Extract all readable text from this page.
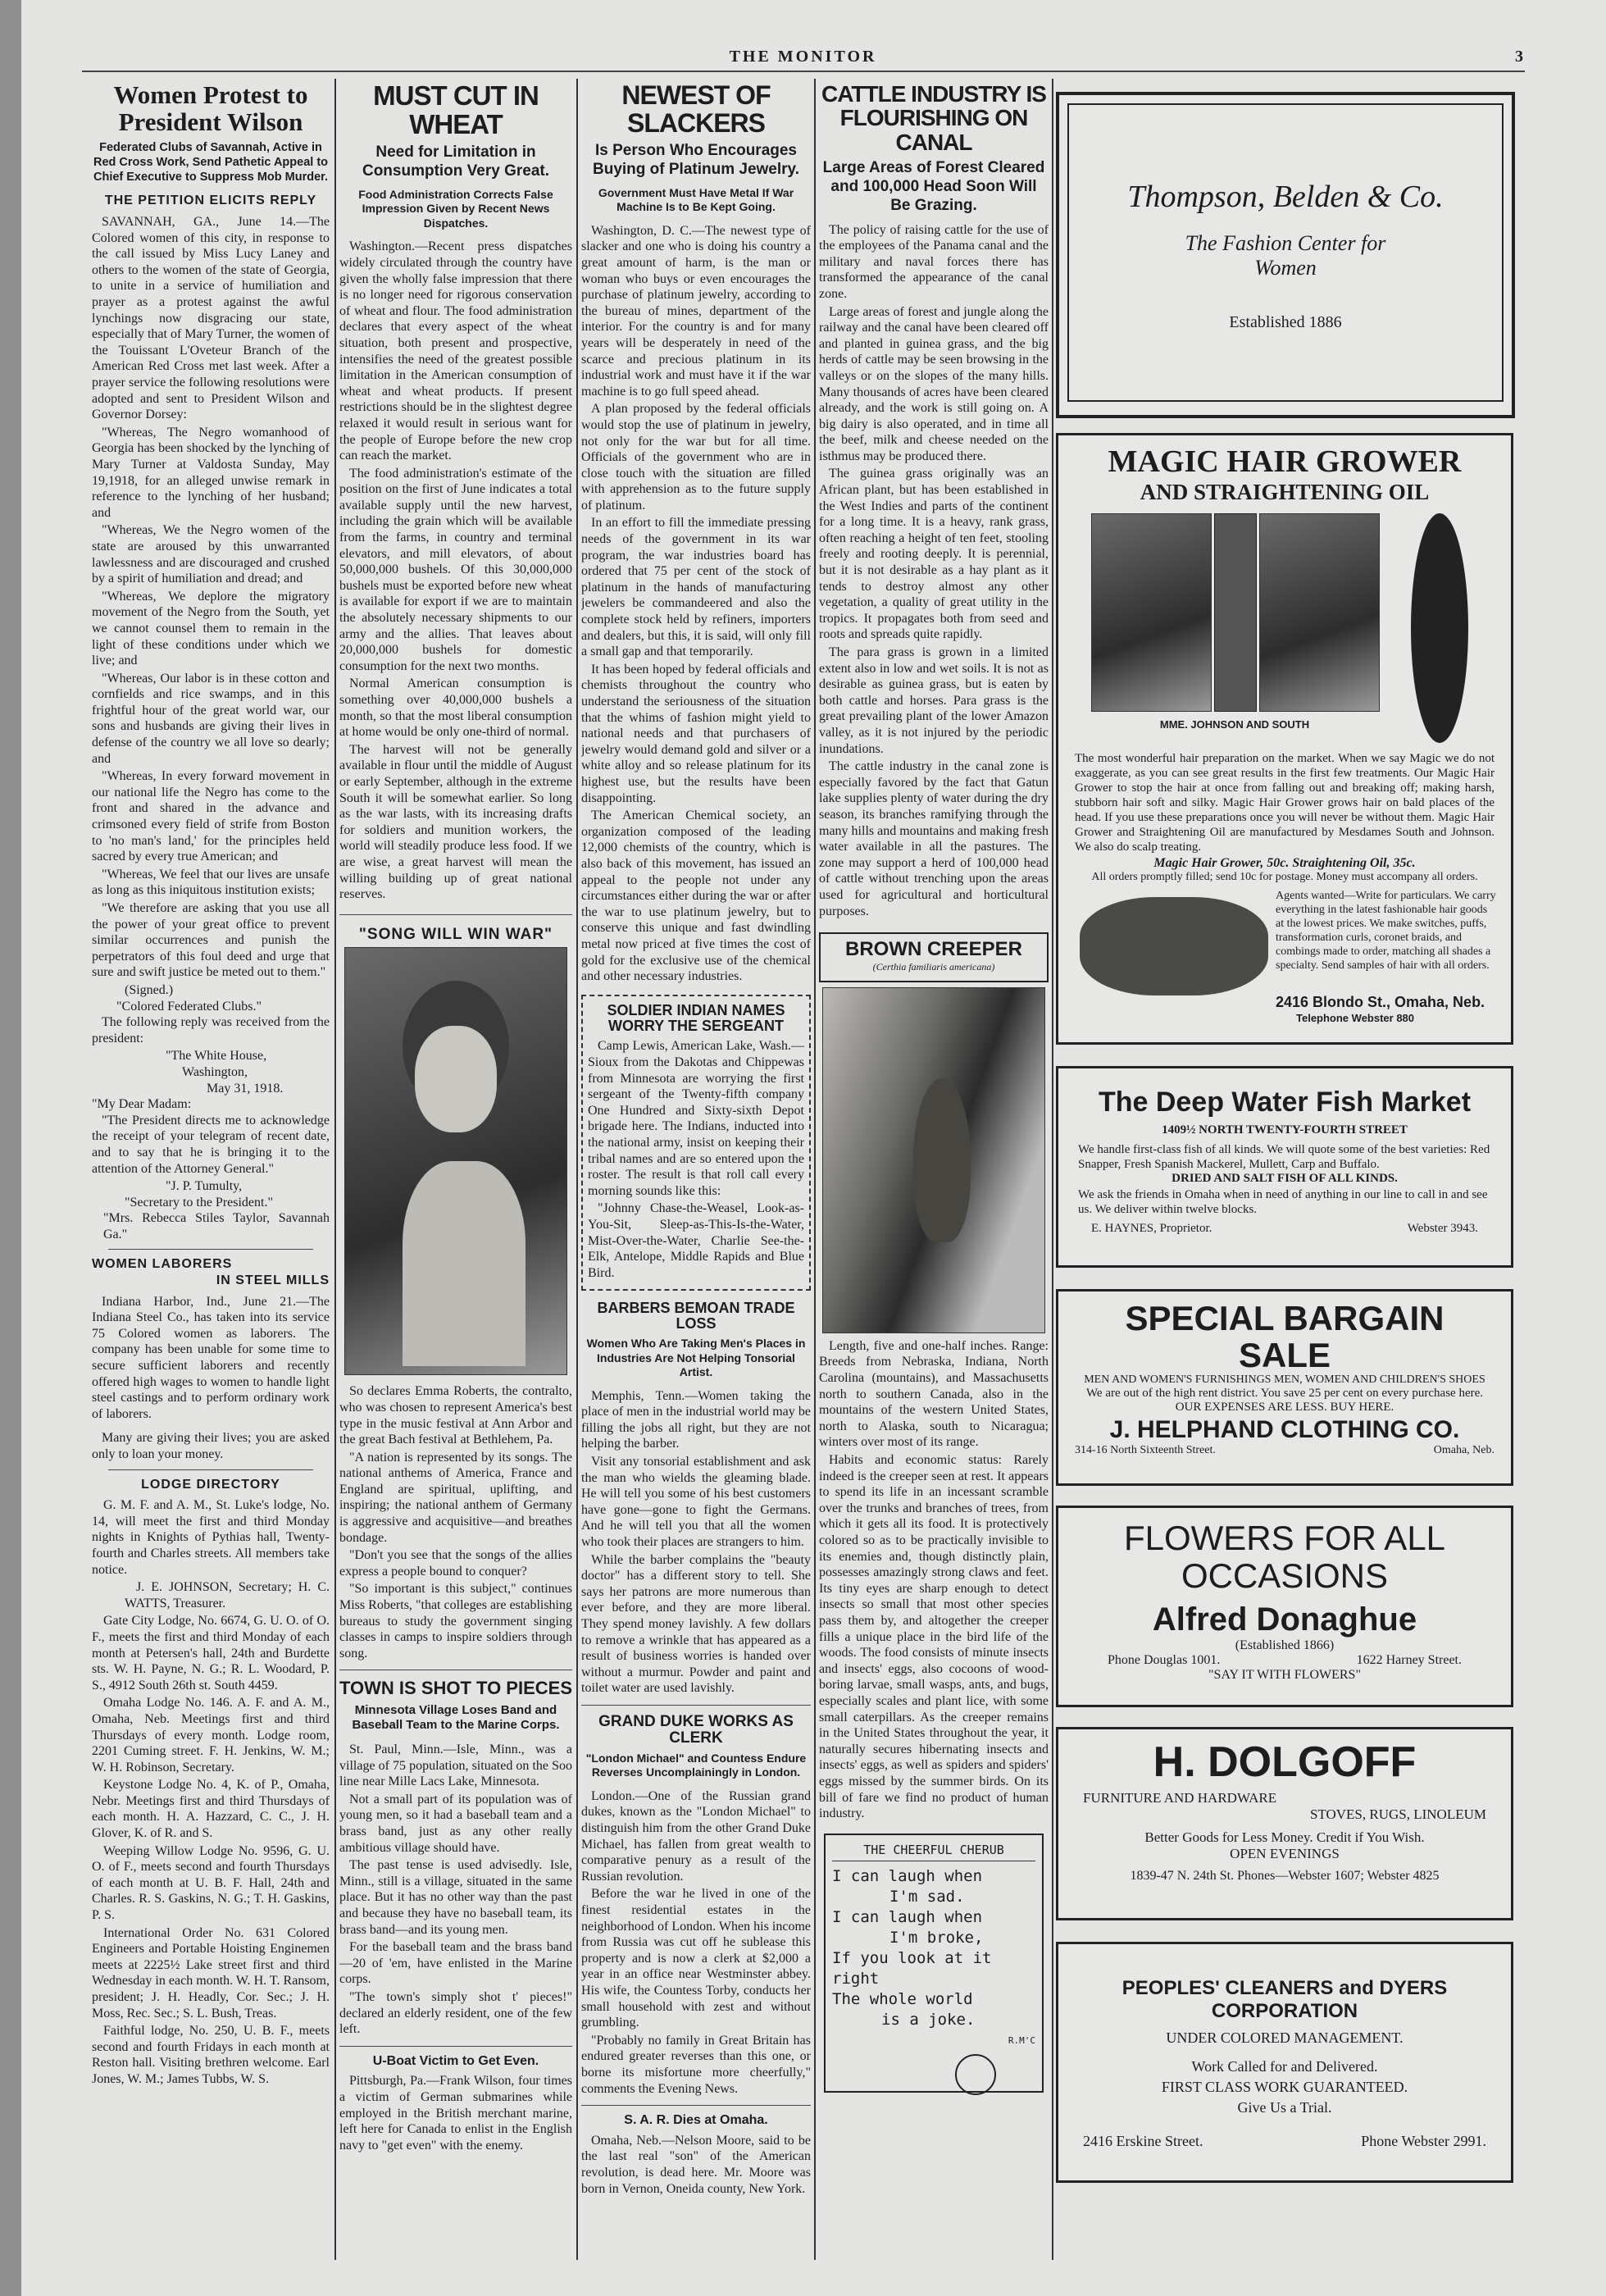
THE MONITOR	3
Women Protest to President Wilson
Federated Clubs of Savannah, Active in Red Cross Work, Send Pathetic Appeal to Chief Executive to Suppress Mob Murder.
THE PETITION ELICITS REPLY

SAVANNAH, GA., June 14.—The Colored women of this city, in response to the call issued by Miss Lucy Laney and others to the women of the state of Georgia, to unite in a service of humiliation and prayer as a protest against the awful lynchings now disgracing our state, especially that of Mary Turner, the women of the Touissant L'Oveteur Branch of the American Red Cross met last week. After a prayer service the following resolutions were adopted and sent to President Wilson and Governor Dorsey:

"Whereas, The Negro womanhood of Georgia has been shocked by the lynching of Mary Turner at Valdosta Sunday, May 19,1918, for an alleged unwise remark in reference to the lynching of her husband; and

"Whereas, We the Negro women of the state are aroused by this unwarranted lawlessness and are discouraged and crushed by a spirit of humiliation and dread; and

"Whereas, We deplore the migratory movement of the Negro from the South, yet we cannot counsel them to remain in the light of these conditions under which we live; and

"Whereas, Our labor is in these cotton and cornfields and rice swamps, and in this frightful hour of the great world war, our sons and husbands are giving their lives in defense of the country we all love so dearly; and

"Whereas, In every forward movement in our national life the Negro has come to the front and shared in the advance and crimsoned every field of strife from Boston to 'no man's land,' for the principles held sacred by every true American; and

"Whereas, We feel that our lives are unsafe as long as this iniquitous institution exists;

"We therefore are asking that you use all the power of your great office to prevent similar occurrences and punish the perpetrators of this foul deed and urge that sure and swift justice be meted out to them."

(Signed.)
"Colored Federated Clubs."

The following reply was received from the president:

"The White House,
Washington,
May 31, 1918.
"My Dear Madam:

"The President directs me to acknowledge the receipt of your telegram of recent date, and to say that he is bringing it to the attention of the Attorney General."

"J. P. Tumulty,
"Secretary to the President."
"Mrs. Rebecca Stiles Taylor, Savannah Ga."
WOMEN LABORERS
IN STEEL MILLS

Indiana Harbor, Ind., June 21.—The Indiana Steel Co., has taken into its service 75 Colored women as laborers. The company has been unable for some time to secure sufficient laborers and recently offered high wages to women to handle light steel castings and to perform ordinary work of laborers.

Many are giving their lives; you are asked only to loan your money.

LODGE DIRECTORY

G. M. F. and A. M., St. Luke's lodge, No. 14, will meet the first and third Monday nights in Knights of Pythias hall, Twenty-fourth and Charles streets. All members take notice.

J. E. JOHNSON, Secretary; H. C. WATTS, Treasurer.

Gate City Lodge, No. 6674, G. U. O. of O. F., meets the first and third Monday of each month at Petersen's hall, 24th and Burdette sts. W. H. Payne, N. G.; R. L. Woodard, P. S., 4912 South 26th st. South 4459.

Omaha Lodge No. 146. A. F. and A. M., Omaha, Neb. Meetings first and third Thursdays of every month. Lodge room, 2201 Cuming street. F. H. Jenkins, W. M.; W. H. Robinson, Secretary.

Keystone Lodge No. 4, K. of P., Omaha, Nebr. Meetings first and third Thursdays of each month. H. A. Hazzard, C. C., J. H. Glover, K. of R. and S.

Weeping Willow Lodge No. 9596, G. U. O. of F., meets second and fourth Thursdays of each month at U. B. F. Hall, 24th and Charles. R. S. Gaskins, N. G.; T. H. Gaskins, P. S.

International Order No. 631 Colored Engineers and Portable Hoisting Enginemen meets at 2225½ Lake street first and third Wednesday in each month. W. H. T. Ransom, president; J. H. Headly, Cor. Sec.; J. H. Moss, Rec. Sec.; S. L. Bush, Treas.

Faithful lodge, No. 250, U. B. F., meets second and fourth Fridays in each month at Reston hall. Visiting brethren welcome. Earl Jones, W. M.; James Tubbs, W. S.

MUST CUT IN WHEAT
Need for Limitation in Consumption Very Great.
Food Administration Corrects False Impression Given by Recent News Dispatches.

Washington.—Recent press dispatches widely circulated through the country have given the wholly false impression that there is no longer need for rigorous conservation of wheat and flour. The food administration declares that every aspect of the wheat situation, both present and prospective, intensifies the need of the greatest possible limitation in the American consumption of wheat and wheat products. If present restrictions should be in the slightest degree relaxed it would result in serious want for the people of Europe before the new crop can reach the market.

The food administration's estimate of the position on the first of June indicates a total available supply until the new harvest, including the grain which will be available from the farms, in country and terminal elevators, and mill elevators, of about 50,000,000 bushels. Of this 30,000,000 bushels must be exported before new wheat is available for export if we are to maintain the absolutely necessary shipments to our army and the allies. That leaves about 20,000,000 bushels for domestic consumption for the next two months.

Normal American consumption is something over 40,000,000 bushels a month, so that the most liberal consumption at home would be only one-third of normal.

The harvest will not be generally available in flour until the middle of August or early September, although in the extreme South it will be somewhat earlier. So long as the war lasts, with its increasing drafts for soldiers and munition workers, the world will steadily produce less food. If we are wise, a great harvest will mean the willing building up of great national reserves.

"SONG WILL WIN WAR"

So declares Emma Roberts, the contralto, who was chosen to represent America's best type in the music festival at Ann Arbor and the great Bach festival at Bethlehem, Pa.

"A nation is represented by its songs. The national anthems of America, France and England are spiritual, uplifting, and inspiring; the national anthem of Germany is aggressive and acquisitive—and breathes bondage.

"Don't you see that the songs of the allies express a people bound to conquer?

"So important is this subject," continues Miss Roberts, "that colleges are establishing bureaus to study the government singing classes in camps to inspire soldiers through song.

TOWN IS SHOT TO PIECES
Minnesota Village Loses Band and Baseball Team to the Marine Corps.

St. Paul, Minn.—Isle, Minn., was a village of 75 population, situated on the Soo line near Mille Lacs Lake, Minnesota.

Not a small part of its population was of young men, so it had a baseball team and a brass band, just as any other really ambitious village should have.

The past tense is used advisedly. Isle, Minn., still is a village, situated in the same place. But it has no other way than the past and because they have no baseball team, its brass band—and its young men.

For the baseball team and the brass band—20 of 'em, have enlisted in the Marine corps.

"The town's simply shot t' pieces!" declared an elderly resident, one of the few left.

U-Boat Victim to Get Even.

Pittsburgh, Pa.—Frank Wilson, four times a victim of German submarines while employed in the British merchant marine, left here for Canada to enlist in the English navy to "get even" with the enemy.

NEWEST OF SLACKERS
Is Person Who Encourages Buying of Platinum Jewelry.
Government Must Have Metal If War Machine Is to Be Kept Going.

Washington, D. C.—The newest type of slacker and one who is doing his country a great amount of harm, is the man or woman who buys or even encourages the purchase of platinum jewelry, according to the bureau of mines, department of the interior. For the country is and for many years will be desperately in need of the scarce and precious platinum in its industrial work and must have it if the war machine is to go full speed ahead.

A plan proposed by the federal officials would stop the use of platinum in jewelry, not only for the war but for all time. Officials of the government who are in close touch with the situation are filled with apprehension as to the future supply of platinum.

In an effort to fill the immediate pressing needs of the government in its war program, the war industries board has ordered that 75 per cent of the stock of platinum in the hands of manufacturing jewelers be commandeered and also the complete stock held by refiners, importers and dealers, but this, it is said, will only fill a small gap and that temporarily.

It has been hoped by federal officials and chemists throughout the country who understand the seriousness of the situation that the whims of fashion might yield to national needs and that purchasers of jewelry would demand gold and silver or a white alloy and so release platinum for its highest use, but the results have been disappointing.

The American Chemical society, an organization composed of the leading 12,000 chemists of the country, which is also back of this movement, has issued an appeal to the people not under any circumstances either during the war or after the war to use platinum jewelry, but to conserve this unique and fast dwindling metal now priced at five times the cost of gold for the exclusive use of the chemical and other necessary industries.

SOLDIER INDIAN NAMES WORRY THE SERGEANT

Camp Lewis, American Lake, Wash.—Sioux from the Dakotas and Chippewas from Minnesota are worrying the first sergeant of the Twenty-fifth company One Hundred and Sixty-sixth Depot brigade here. The Indians, inducted into the national army, insist on keeping their tribal names and are so entered upon the roster. The result is that roll call every morning sounds like this:

"Johnny Chase-the-Weasel, Look-as-You-Sit, Sleep-as-This-Is-the-Water, Mist-Over-the-Water, Charlie See-the-Elk, Antelope, Middle Rapids and Blue Bird.

BARBERS BEMOAN TRADE LOSS
Women Who Are Taking Men's Places in Industries Are Not Helping Tonsorial Artist.

Memphis, Tenn.—Women taking the place of men in the industrial world may be filling the jobs all right, but they are not helping the barber.

Visit any tonsorial establishment and ask the man who wields the gleaming blade. He will tell you some of his best customers have gone—gone to fight the Germans. And he will tell you that all the women who took their places are strangers to him.

While the barber complains the "beauty doctor" has a different story to tell. She says her patrons are more numerous than ever before, and they are more liberal. They spend money lavishly. A few dollars to remove a wrinkle that has appeared as a result of business worries is handed over without a murmur. Powder and paint and toilet water are used lavishly.

GRAND DUKE WORKS AS CLERK
"London Michael" and Countess Endure Reverses Uncomplainingly in London.

London.—One of the Russian grand dukes, known as the "London Michael" to distinguish him from the other Grand Duke Michael, has fallen from great wealth to comparative penury as a result of the Russian revolution.

Before the war he lived in one of the finest residential estates in the neighborhood of London. When his income from Russia was cut off he sublease this property and is now a clerk at $2,000 a year in an office near Westminster abbey. His wife, the Countess Torby, conducts her small household with zest and without grumbling.

"Probably no family in Great Britain has endured greater reverses than this one, or borne its misfortune more cheerfully," comments the Evening News.

S. A. R. Dies at Omaha.

Omaha, Neb.—Nelson Moore, said to be the last real "son" of the American revolution, is dead here. Mr. Moore was born in Vernon, Oneida county, New York.

CATTLE INDUSTRY IS FLOURISHING ON CANAL
Large Areas of Forest Cleared and 100,000 Head Soon Will Be Grazing.

The policy of raising cattle for the use of the employees of the Panama canal and the military and naval forces there has transformed the appearance of the canal zone.

Large areas of forest and jungle along the railway and the canal have been cleared off and planted in guinea grass, and the big herds of cattle may be seen browsing in the valleys or on the slopes of the many hills. Many thousands of acres have been cleared already, and the work is still going on. A big dairy is also operated, and in time all the beef, milk and cheese needed on the isthmus may be produced there.

The guinea grass originally was an African plant, but has been established in the West Indies and parts of the continent for a long time. It is a heavy, rank grass, often reaching a height of ten feet, stooling freely and rooting deeply. It is perennial, but it is not desirable as a hay plant as it tends to destroy almost any other vegetation, a quality of great utility in the tropics. It propagates both from seed and roots and spreads quite rapidly.

The para grass is grown in a limited extent also in low and wet soils. It is not as desirable as guinea grass, but is eaten by both cattle and horses. Para grass is the great prevailing plant of the lower Amazon valley, as it is not injured by the periodic inundations.

The cattle industry in the canal zone is especially favored by the fact that Gatun lake supplies plenty of water during the dry season, its branches ramifying through the many hills and mountains and making fresh water available in all the pastures. The zone may support a herd of 100,000 head of cattle without trenching upon the areas used for agricultural and horticultural purposes.

BROWN CREEPER
(Certhia familiaris americana)

Length, five and one-half inches. Range: Breeds from Nebraska, Indiana, North Carolina (mountains), and Massachusetts north to southern Canada, also in the mountains of the western United States, north to Alaska, south to Nicaragua; winters over most of its range.

Habits and economic status: Rarely indeed is the creeper seen at rest. It appears to spend its life in an incessant scramble over the trunks and branches of trees, from which it gets all its food. It is protectively colored so as to be practically invisible to its enemies and, though distinctly plain, possesses amazingly strong claws and feet. Its tiny eyes are sharp enough to detect insects so small that most other species pass them by, and altogether the creeper fills a unique place in the bird life of the woods. The food consists of minute insects and insects' eggs, also cocoons of wood-boring larvae, small wasps, ants, and bugs, especially scales and plant lice, with some small caterpillars. As the creeper remains in the United States throughout the year, it naturally secures hibernating insects and insects' eggs, as well as spiders and spiders' eggs missed by the summer birds. On its bill of fare we find no product of human industry.

THE CHEERFUL CHERUB
I can laugh when
I'm sad.
I can laugh when
I'm broke,
If you look at it right
The whole world
is a joke.
R.M'C
Thompson, Belden & Co.
The Fashion Center for
Women
Established 1886
MAGIC HAIR GROWER
AND STRAIGHTENING OIL
MME. JOHNSON AND SOUTH
The most wonderful hair preparation on the market. When we say Magic we do not exaggerate, as you can see great results in the first few treatments. Our Magic Hair Grower to stop the hair at once from falling out and breaking off; making harsh, stubborn hair soft and silky. Magic Hair Grower grows hair on bald places of the head. If you use these preparations once you will never be without them. Magic Hair Grower and Straightening Oil are manufactured by Mesdames South and Johnson. We also do scalp treating.
Magic Hair Grower, 50c. Straightening Oil, 35c.
All orders promptly filled; send 10c for postage. Money must accompany all orders.
Agents wanted—Write for particulars. We carry everything in the latest fashionable hair goods at the lowest prices. We make switches, puffs, transformation curls, coronet braids, and combings made to order, matching all shades a specialty. Send samples of hair with all orders.
2416 Blondo St., Omaha, Neb.
Telephone Webster 880
The Deep Water Fish Market
1409½ NORTH TWENTY-FOURTH STREET
We handle first-class fish of all kinds. We will quote some of the best varieties: Red Snapper, Fresh Spanish Mackerel, Mullett, Carp and Buffalo.
DRIED AND SALT FISH OF ALL KINDS.
We ask the friends in Omaha when in need of anything in our line to call in and see us. We deliver within twelve blocks.
E. HAYNES, Proprietor.	Webster 3943.
SPECIAL BARGAIN
SALE
MEN AND WOMEN'S FURNISHINGS MEN, WOMEN AND CHILDREN'S SHOES
We are out of the high rent district. You save 25 per cent on every purchase here.
OUR EXPENSES ARE LESS. BUY HERE.
J. HELPHAND CLOTHING CO.
314-16 North Sixteenth Street.	Omaha, Neb.
FLOWERS FOR ALL
OCCASIONS
Alfred Donaghue
(Established 1866)
Phone Douglas 1001.	1622 Harney Street.
"SAY IT WITH FLOWERS"
H. DOLGOFF
FURNITURE AND HARDWARE
STOVES, RUGS, LINOLEUM
Better Goods for Less Money. Credit if You Wish.
OPEN EVENINGS
1839-47 N. 24th St. Phones—Webster 1607; Webster 4825
PEOPLES' CLEANERS and DYERS CORPORATION
UNDER COLORED MANAGEMENT.
Work Called for and Delivered.
FIRST CLASS WORK GUARANTEED.
Give Us a Trial.
2416 Erskine Street.	Phone Webster 2991.
